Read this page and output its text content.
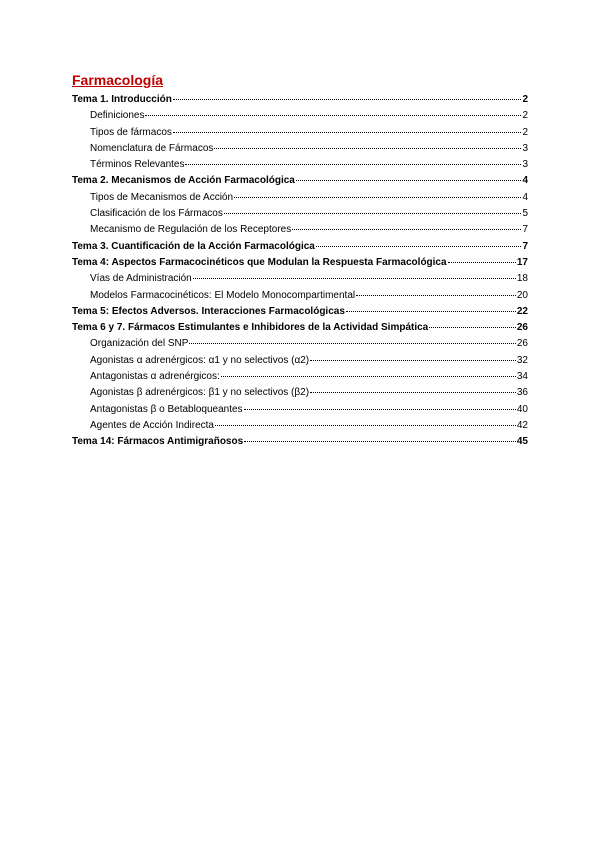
Farmacología
Tema 1. Introducción	2
Definiciones	2
Tipos de fármacos	2
Nomenclatura de Fármacos	3
Términos Relevantes	3
Tema 2. Mecanismos de Acción Farmacológica	4
Tipos de Mecanismos de Acción	4
Clasificación de los Fármacos	5
Mecanismo de Regulación de los Receptores	7
Tema 3. Cuantificación de la Acción Farmacológica	7
Tema 4: Aspectos Farmacocinéticos que Modulan la Respuesta Farmacológica	17
Vías de Administración	18
Modelos Farmacocinéticos: El Modelo Monocompartimental	20
Tema 5: Efectos Adversos. Interacciones Farmacológicas	22
Tema 6 y 7. Fármacos Estimulantes e Inhibidores de la Actividad Simpática	26
Organización del SNP	26
Agonistas α adrenérgicos: α1 y no selectivos (α2)	32
Antagonistas α adrenérgicos:	34
Agonistas β adrenérgicos: β1 y no selectivos (β2)	36
Antagonistas β o Betabloqueantes	40
Agentes de Acción Indirecta	42
Tema 14: Fármacos Antimigrañosos	45
